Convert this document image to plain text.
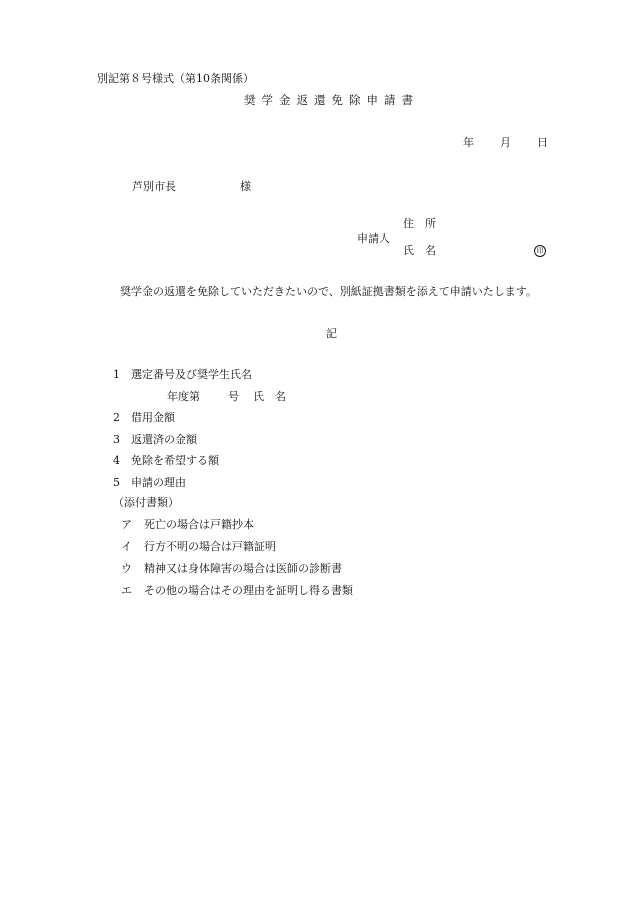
別記第８号様式（第10条関係）
奨学金返還免除申請書
年 月 日
芦別市長	様
住　所
申請人
氏　名	印
奨学金の返還を免除していただきたいので、別紙証拠書類を添えて申請いたします。
記
1 選定番号及び奨学生氏名
年度第	号 氏　名
2 借用金額
3 返還済の金額
4 免除を希望する額
5 申請の理由
（添付書類）
ア 死亡の場合は戸籍抄本
イ 行方不明の場合は戸籍証明
ウ 精神又は身体障害の場合は医師の診断書
エ その他の場合はその理由を証明し得る書類
